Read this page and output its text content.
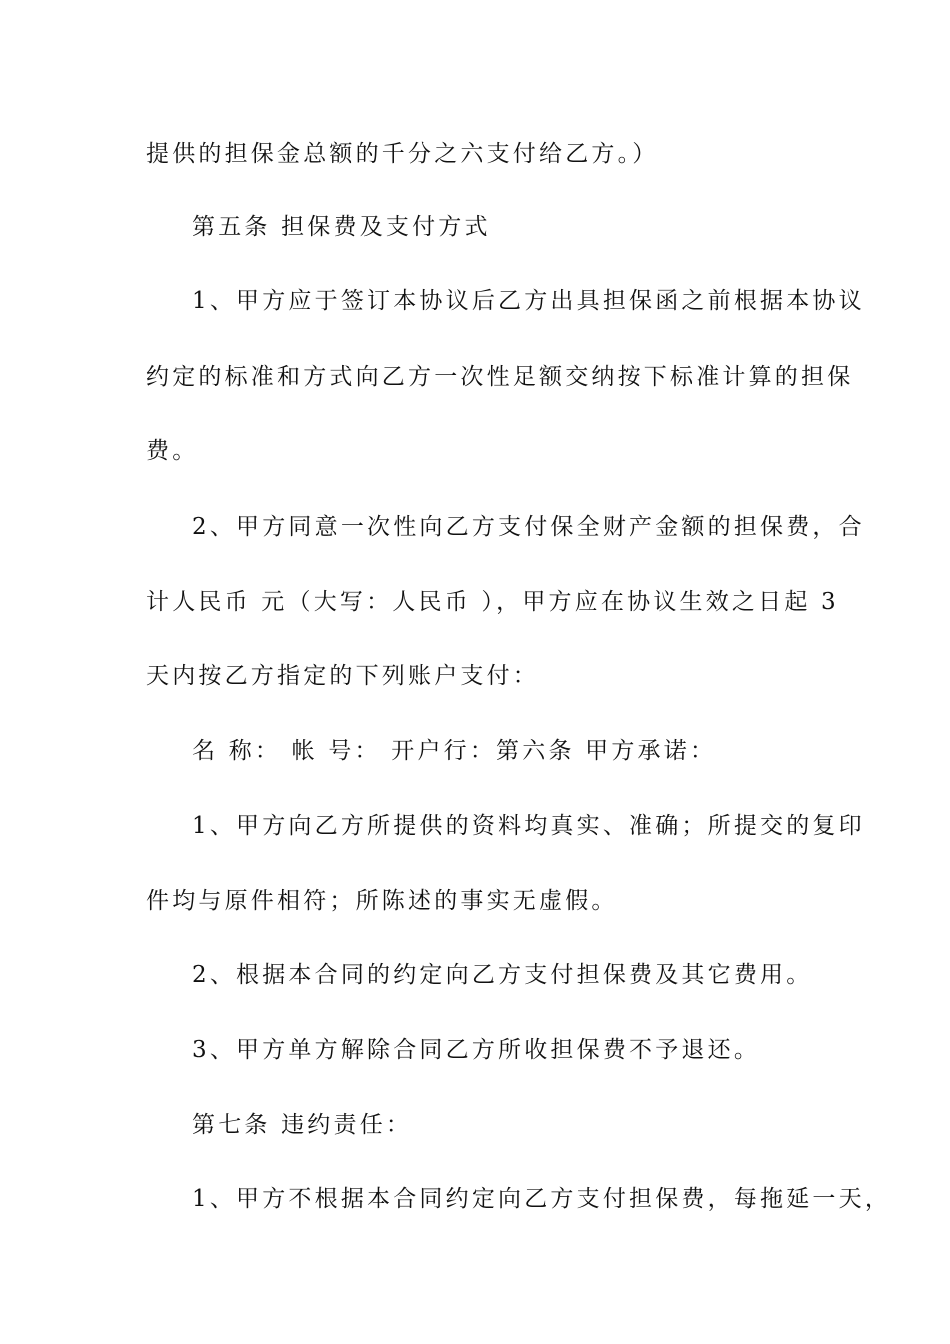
提供的担保金总额的千分之六支付给乙方。）
第五条 担保费及支付方式
1、甲方应于签订本协议后乙方出具担保函之前根据本协议
约定的标准和方式向乙方一次性足额交纳按下标准计算的担保
费。
2、甲方同意一次性向乙方支付保全财产金额的担保费，合
计人民币 元（大写：人民币 ），甲方应在协议生效之日起 3
天内按乙方指定的下列账户支付：
名 称： 帐 号： 开户行：第六条 甲方承诺：
1、甲方向乙方所提供的资料均真实、准确；所提交的复印
件均与原件相符；所陈述的事实无虚假。
2、根据本合同的约定向乙方支付担保费及其它费用。
3、甲方单方解除合同乙方所收担保费不予退还。
第七条 违约责任：
1、甲方不根据本合同约定向乙方支付担保费，每拖延一天，
